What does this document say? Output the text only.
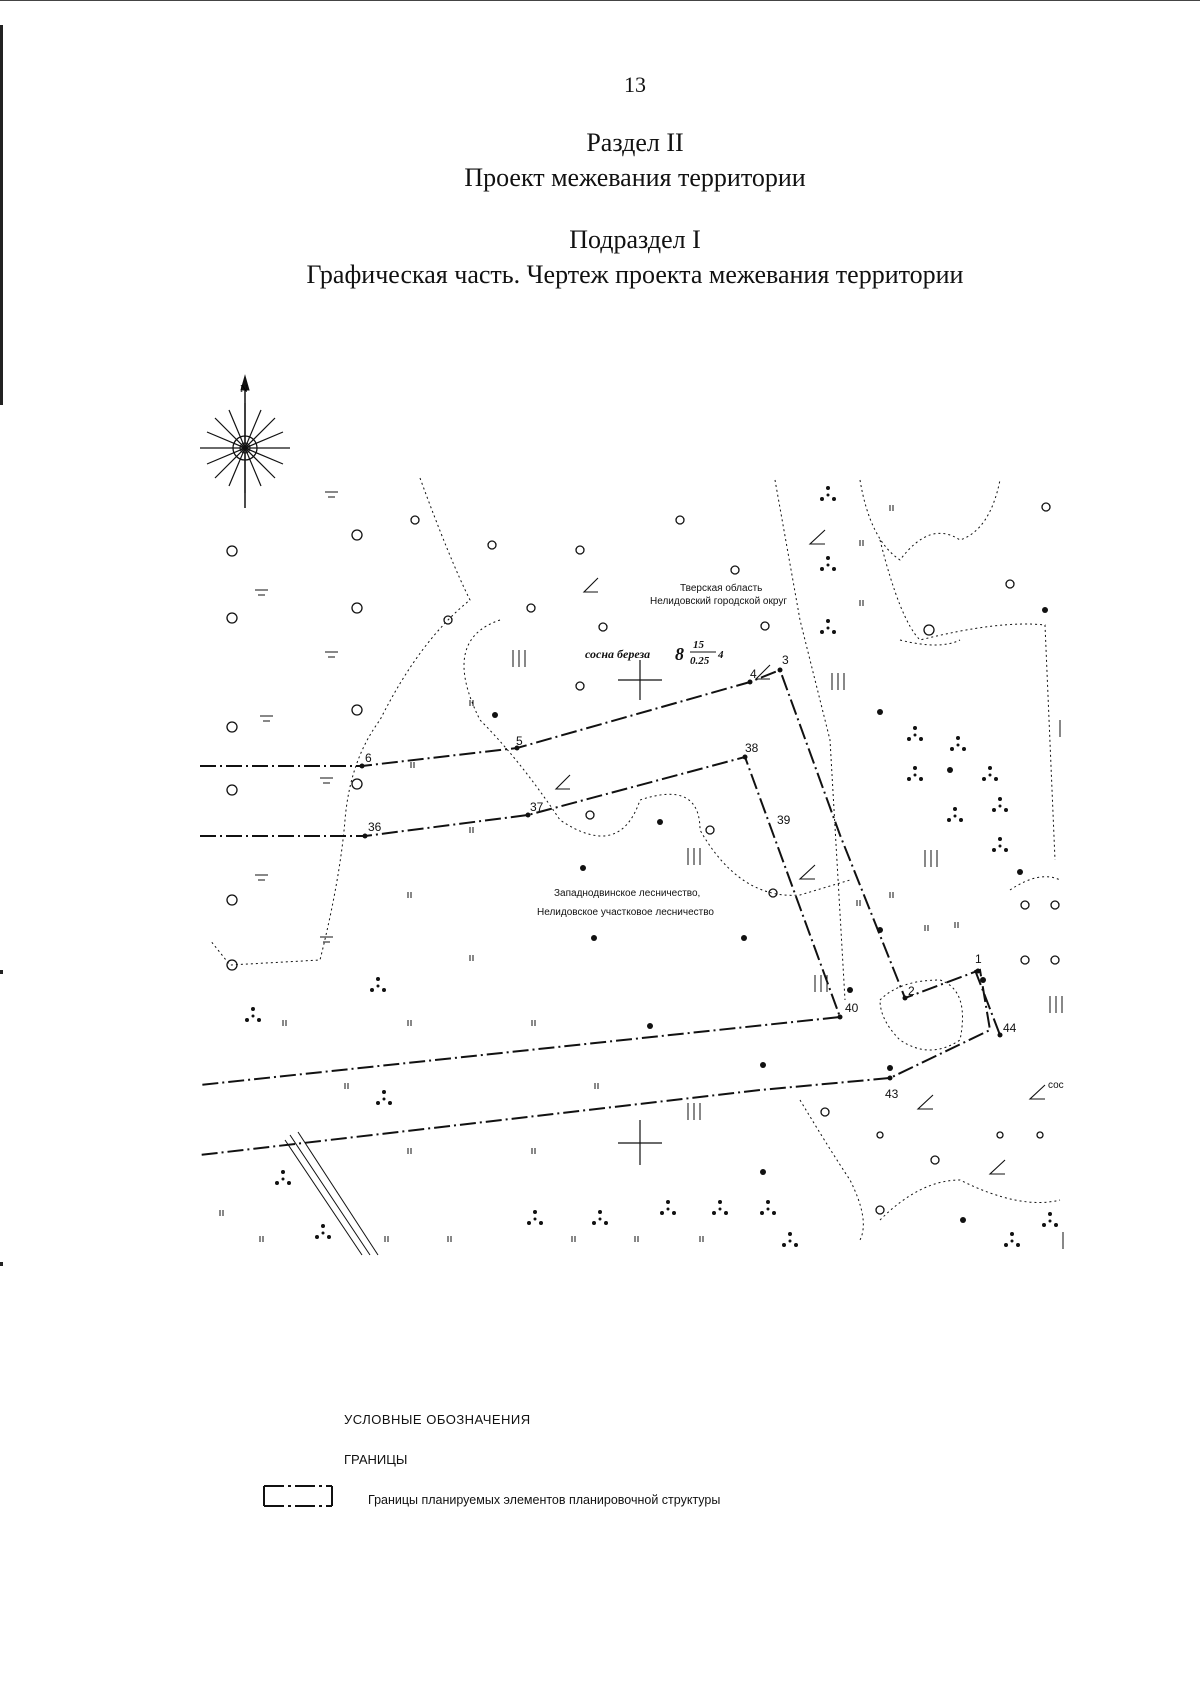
13
Раздел II
Проект межевания территории
Подраздел I
Графическая часть. Чертеж проекта межевания территории
N
1
2
3
4
5
6
36
37
38
39
40
43
44
Тверская область
Нелидовский городской округ
Западнодвинское лесничество,
Нелидовское участковое лесничество
сос
сосна береза 8 15
0.25 4
УСЛОВНЫЕ ОБОЗНАЧЕНИЯ
ГРАНИЦЫ
Границы планируемых элементов планировочной структуры
